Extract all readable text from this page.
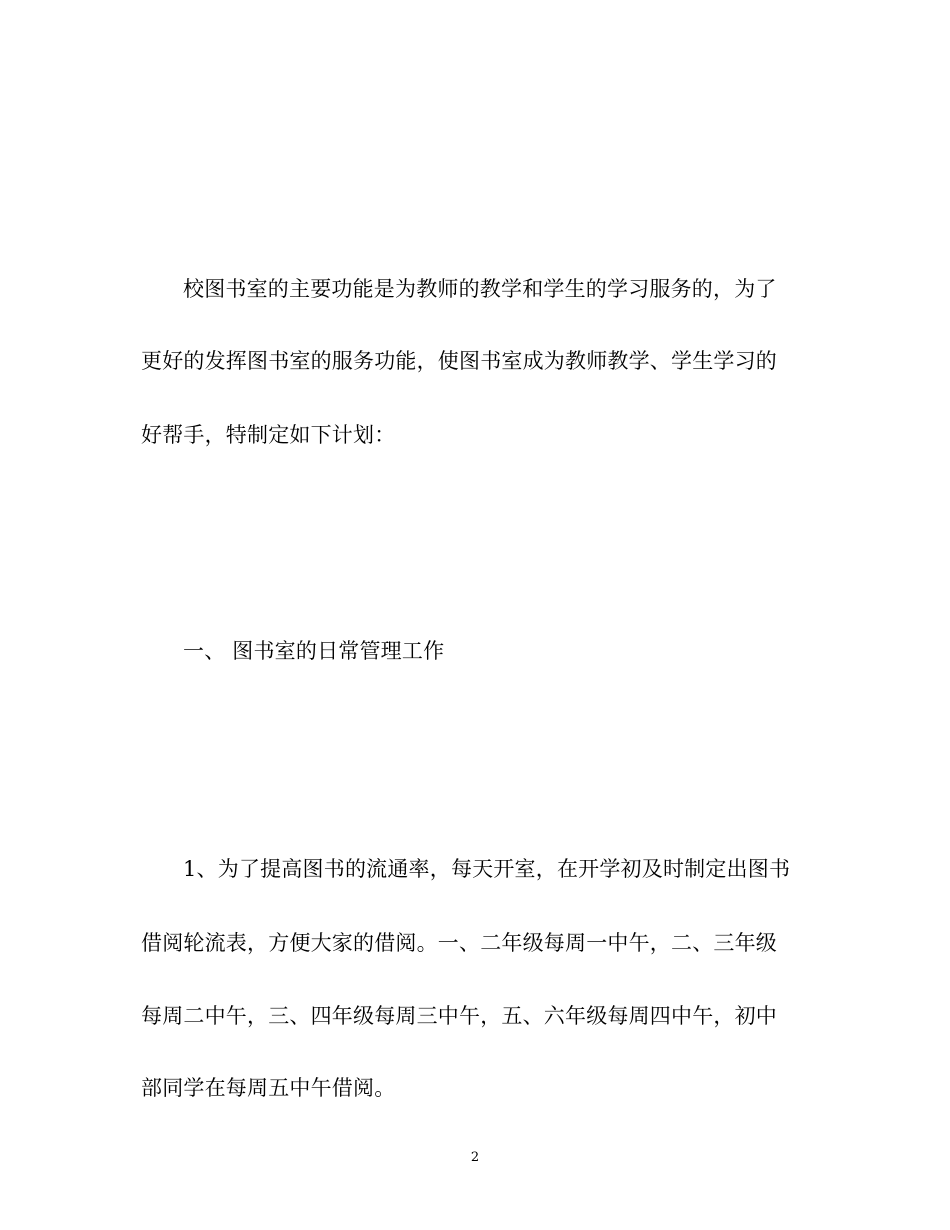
校图书室的主要功能是为教师的教学和学生的学习服务的，为了
更好的发挥图书室的服务功能，使图书室成为教师教学、学生学习的
好帮手，特制定如下计划：
一、 图书室的日常管理工作
1、为了提高图书的流通率，每天开室，在开学初及时制定出图书
借阅轮流表，方便大家的借阅。一、二年级每周一中午，二、三年级
每周二中午，三、四年级每周三中午，五、六年级每周四中午，初中
部同学在每周五中午借阅。
2
